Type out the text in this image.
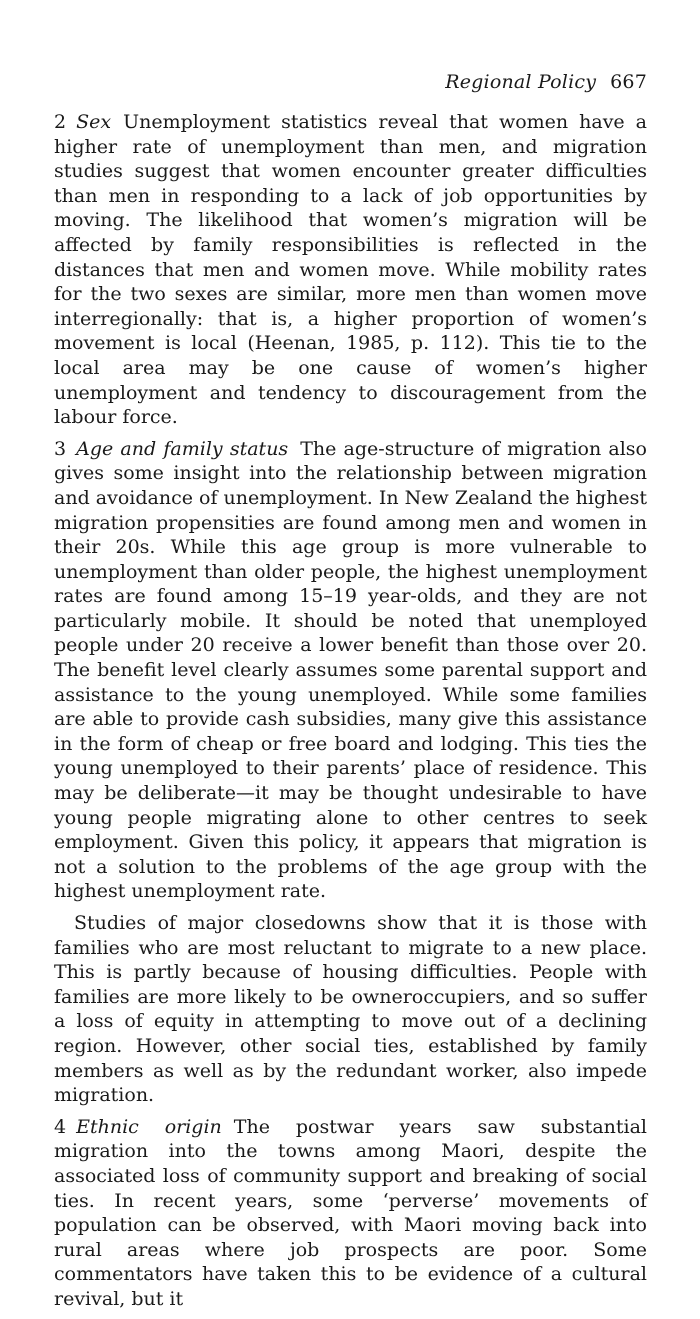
Regional Policy 667

2 Sex Unemployment statistics reveal that women have a higher rate of unemployment than men, and migration studies suggest that women encounter greater difficulties than men in responding to a lack of job opportunities by moving. The likelihood that women’s migration will be affected by family responsibilities is reflected in the distances that men and women move. While mobility rates for the two sexes are similar, more men than women move interregionally: that is, a higher proportion of women’s movement is local (Heenan, 1985, p. 112). This tie to the local area may be one cause of women’s higher unemployment and tendency to discouragement from the labour force.

3 Age and family status The age-structure of migration also gives some insight into the relationship between migration and avoidance of unemployment. In New Zealand the highest migration propensities are found among men and women in their 20s. While this age group is more vulnerable to unemployment than older people, the highest unemployment rates are found among 15–19 year-olds, and they are not particularly mobile. It should be noted that unemployed people under 20 receive a lower benefit than those over 20. The benefit level clearly assumes some parental support and assistance to the young unemployed. While some families are able to provide cash subsidies, many give this assistance in the form of cheap or free board and lodging. This ties the young unemployed to their parents’ place of residence. This may be deliberate—it may be thought undesirable to have young people migrating alone to other centres to seek employment. Given this policy, it appears that migration is not a solution to the problems of the age group with the highest unemployment rate.

Studies of major closedowns show that it is those with families who are most reluctant to migrate to a new place. This is partly because of housing difficulties. People with families are more likely to be owneroccupiers, and so suffer a loss of equity in attempting to move out of a declining region. However, other social ties, established by family members as well as by the redundant worker, also impede migration.

4 Ethnic origin The postwar years saw substantial migration into the towns among Maori, despite the associated loss of community support and breaking of social ties. In recent years, some ‘perverse’ movements of population can be observed, with Maori moving back into rural areas where job prospects are poor. Some commentators have taken this to be evidence of a cultural revival, but it
